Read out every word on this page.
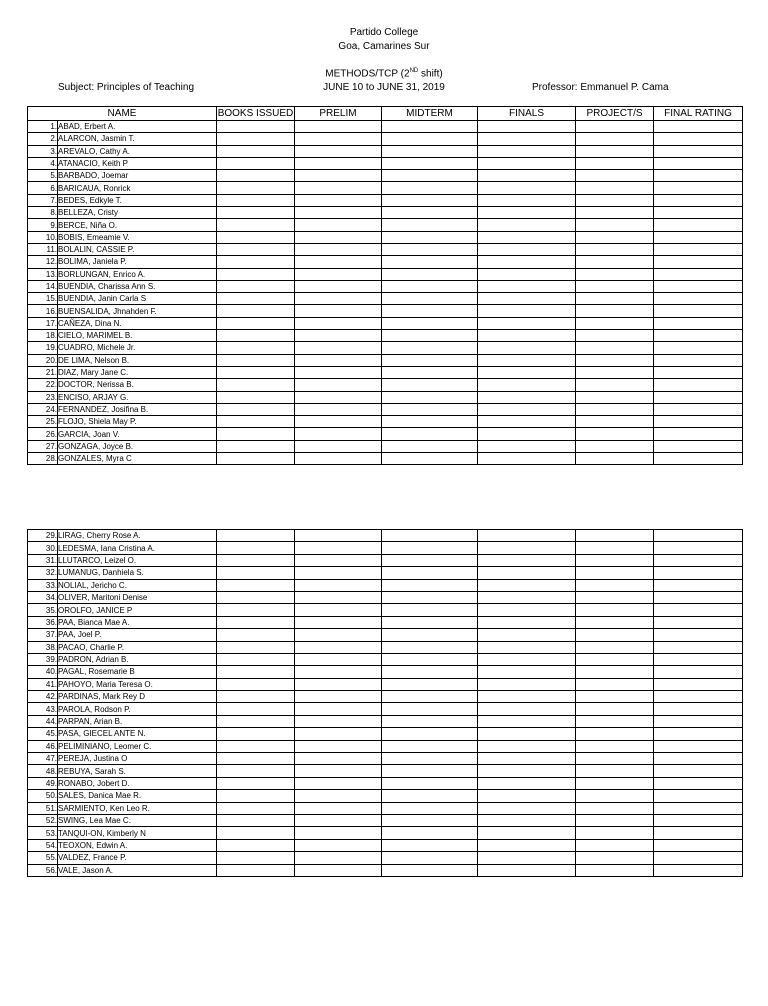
Partido College
Goa, Camarines Sur
METHODS/TCP (2ND shift)
JUNE 10 to JUNE 31, 2019
Subject: Principles of Teaching	Professor: Emmanuel P. Cama
NAME		BOOKS ISSUED	PRELIM	MIDTERM	FINALS	PROJECT/S	FINAL RATING
1.	ABAD, Erbert A.						
2.	ALARCON, Jasmin T.						
3.	AREVALO, Cathy A.						
4.	ATANACIO, Keith P						
5.	BARBADO, Joemar						
6.	BARICAUA, Ronrick						
7.	BEDES, Edkyle T.						
8.	BELLEZA, Cristy						
9.	BERCE, Niña O.						
10.	BOBIS, Emeamie V.						
11.	BOLALIN, CASSIE P.						
12.	BOLIMA, Janiela P.						
13.	BORLUNGAN, Enrico A.						
14.	BUENDIA, Charissa Ann S.						
15.	BUENDIA, Janin Carla S						
16.	BUENSALIDA, Jhnahden F.						
17.	CAÑEZA, Dina N.						
18.	CIELO, MARIMEL B.						
19.	CUADRO, Michele Jr.						
20.	DE LIMA, Nelson B.						
21.	DIAZ, Mary Jane C.						
22.	DOCTOR, Nerissa B.						
23.	ENCISO, ARJAY G.						
24.	FERNANDEZ, Josifina B.						
25.	FLOJO, Shiela May P.						
26.	GARCIA, Joan V.						
27.	GONZAGA, Joyce B.						
28.	GONZALES, Myra C						
29.	LIRAG, Cherry Rose A.						
30.	LEDESMA, Iana Cristina A.						
31.	LLUTARCO, Leizel O.						
32.	LUMANUG, Danhiela S.						
33.	NOLIAL, Jericho C.						
34.	OLIVER, Maritoni Denise						
35.	OROLFO, JANICE P						
36.	PAA, Bianca Mae A.						
37.	PAA, Joel P.						
38.	PACAO, Charlie P.						
39.	PADRON, Adrian B.						
40.	PAGAL, Rosemarie B						
41.	PAHOYO, Maria Teresa O.						
42.	PARDINAS, Mark Rey D						
43.	PAROLA, Rodson P.						
44.	PARPAN, Arian B.						
45.	PASA, GIECEL ANTE N.						
46.	PELIMINIANO, Leomer C.						
47.	PEREJA, Justina O						
48.	REBUYA, Sarah S.						
49.	RONABO, Jobert D.						
50.	SALES, Danica Mae R.						
51.	SARMIENTO, Ken Leo R.						
52.	SWING, Lea Mae C.						
53.	TANQUI-ON, Kimberly N						
54.	TEOXON, Edwin A.						
55.	VALDEZ, France P.						
56.	VALE, Jason A.						
